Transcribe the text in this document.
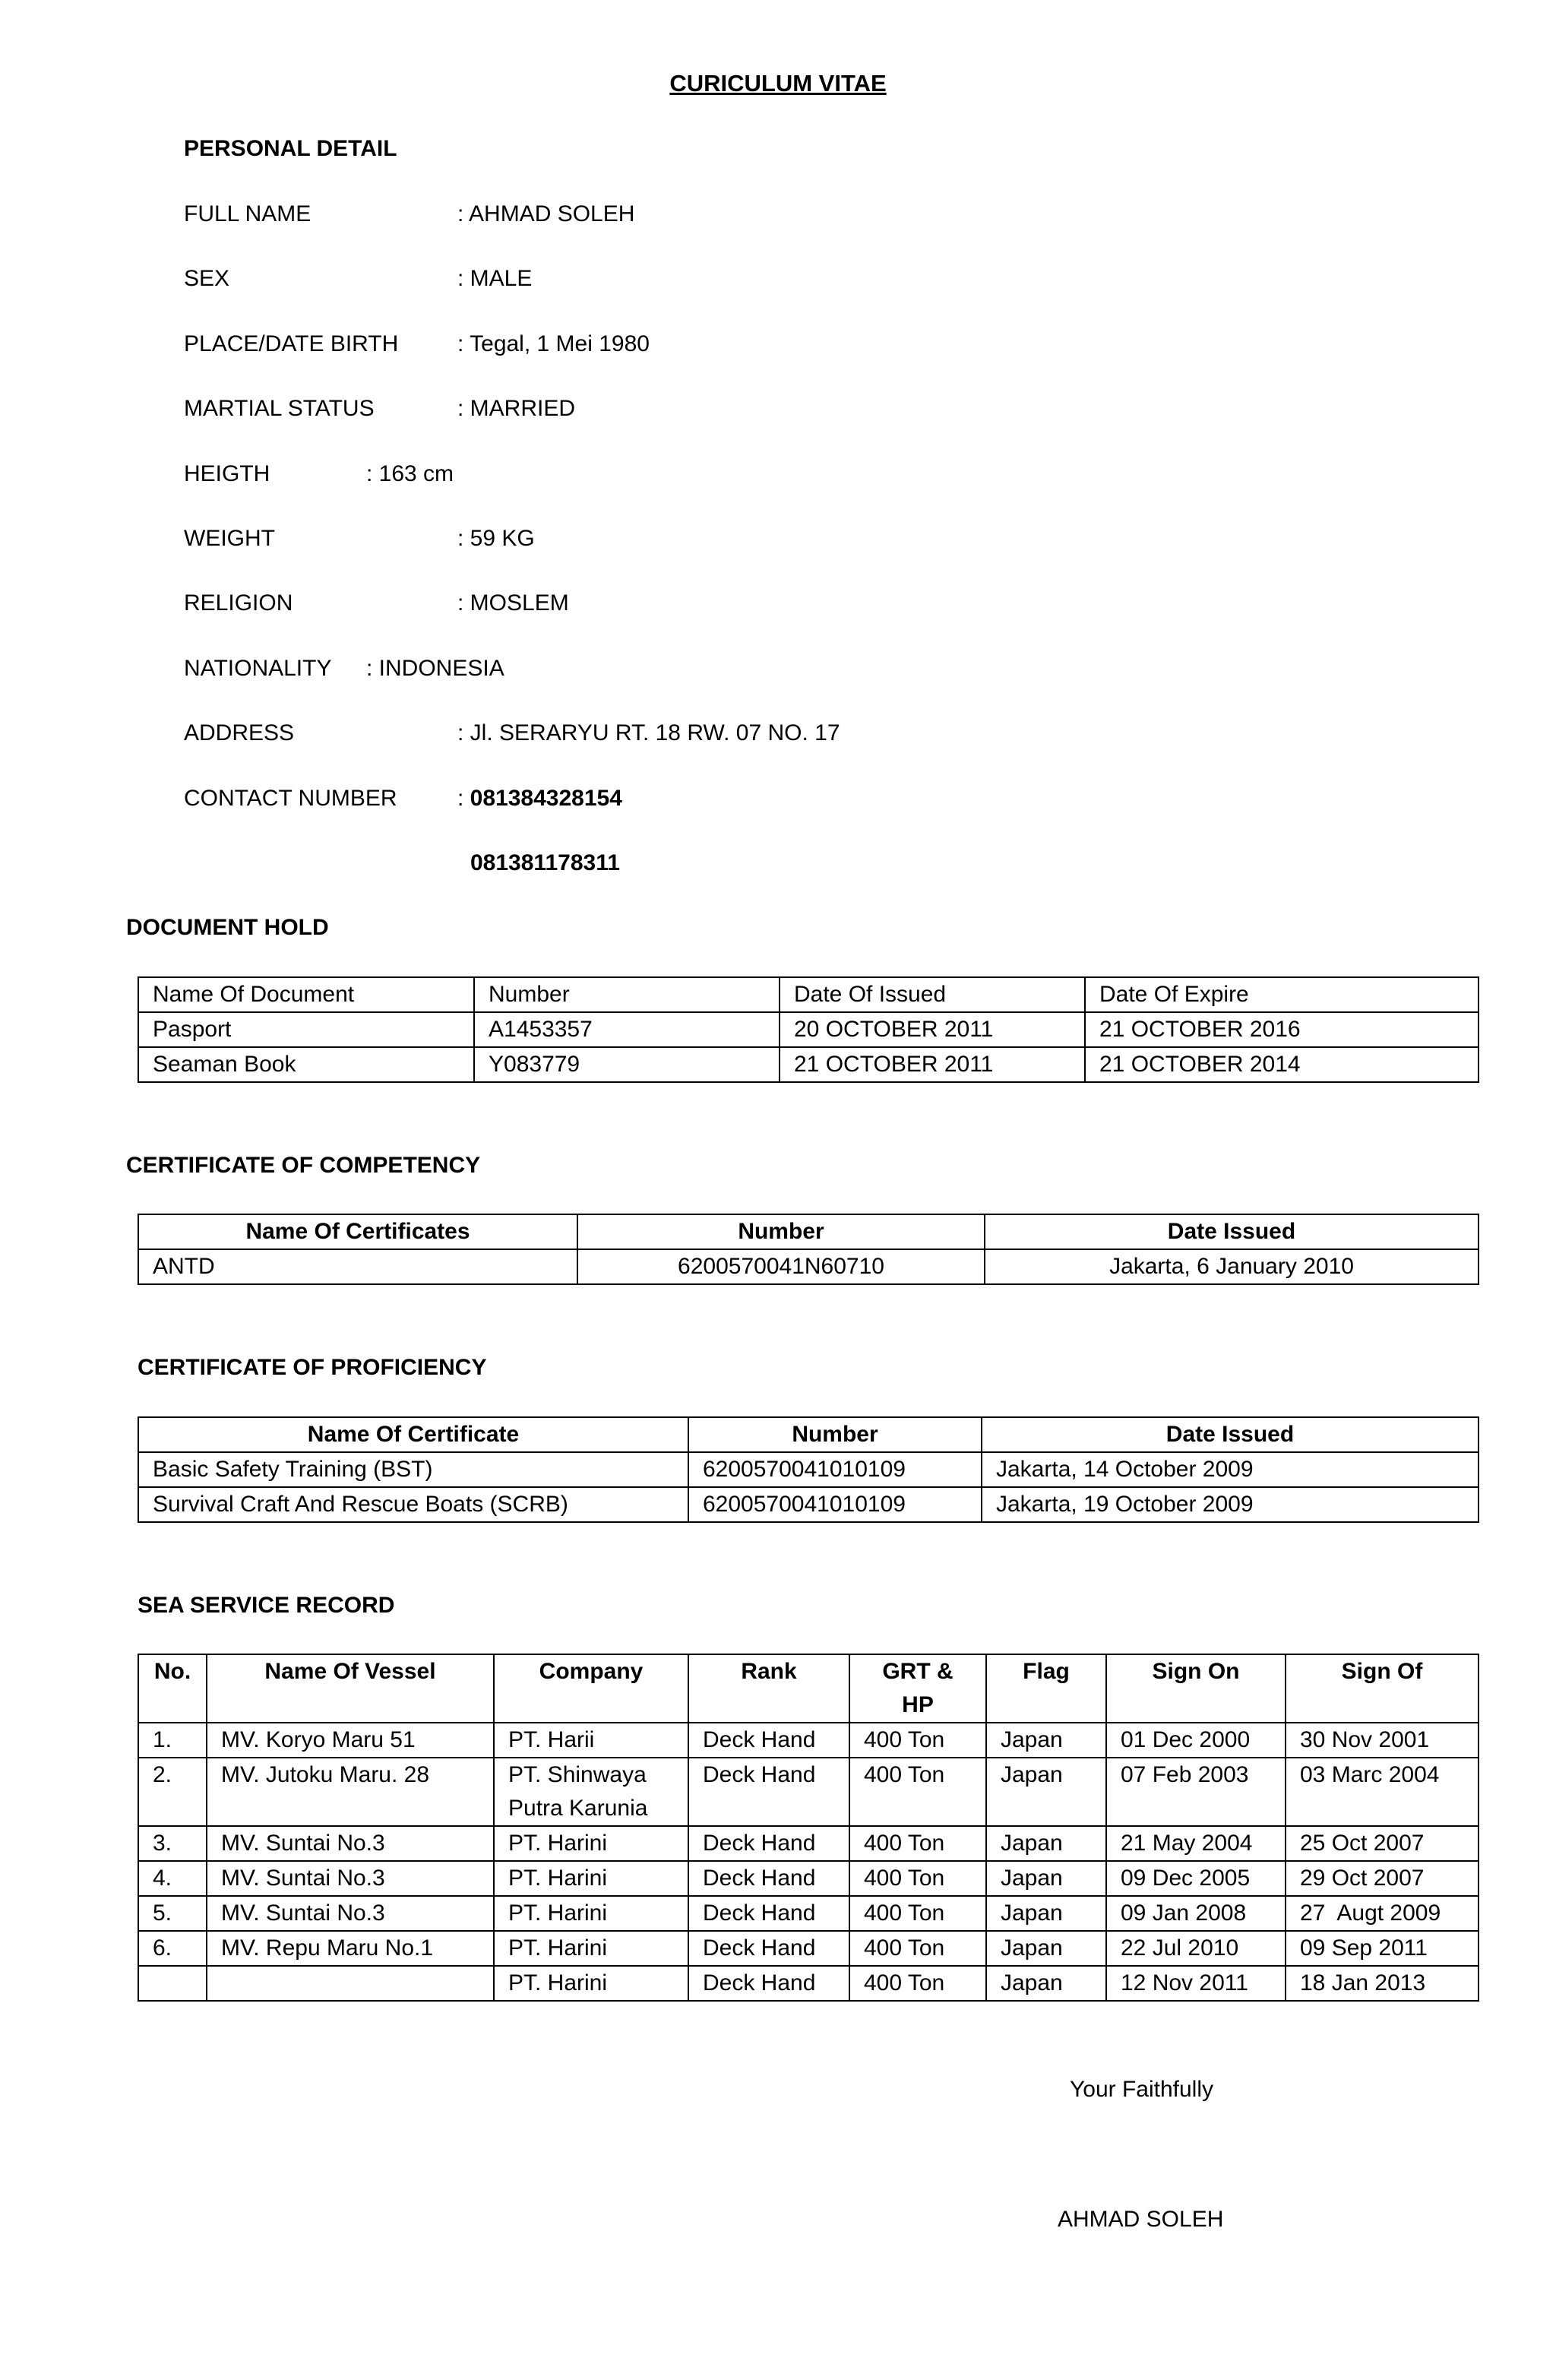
CURICULUM VITAE
PERSONAL DETAIL
FULL NAME	: AHMAD SOLEH
SEX	: MALE
PLACE/DATE BIRTH	: Tegal, 1 Mei 1980
MARTIAL STATUS	: MARRIED
HEIGTH	: 163 cm
WEIGHT	: 59 KG
RELIGION	: MOSLEM
NATIONALITY : INDONESIA
ADDRESS	: Jl. SERARYU RT. 18 RW. 07 NO. 17
CONTACT NUMBER	: 081384328154
081381178311
DOCUMENT HOLD
Name Of Document	Number	Date Of Issued	Date Of Expire
Pasport	A1453357	20 OCTOBER 2011	21 OCTOBER 2016
Seaman Book	Y083779	21 OCTOBER 2011	21 OCTOBER 2014
CERTIFICATE OF COMPETENCY
Name Of Certificates	Number	Date Issued
ANTD	6200570041N60710	Jakarta, 6 January 2010
CERTIFICATE OF PROFICIENCY
Name Of Certificate	Number	Date Issued
Basic Safety Training (BST)	6200570041010109	Jakarta, 14 October 2009
Survival Craft And Rescue Boats (SCRB)	6200570041010109	Jakarta, 19 October 2009
SEA SERVICE RECORD
No.	Name Of Vessel	Company	Rank	GRT & HP	Flag	Sign On	Sign Of
1.	MV. Koryo Maru 51	PT. Harii	Deck Hand	400 Ton	Japan	01 Dec 2000	30 Nov 2001
2.	MV. Jutoku Maru. 28	PT. Shinwaya Putra Karunia	Deck Hand	400 Ton	Japan	07 Feb 2003	03 Marc 2004
3.	MV. Suntai No.3	PT. Harini	Deck Hand	400 Ton	Japan	21 May 2004	25 Oct 2007
4.	MV. Suntai No.3	PT. Harini	Deck Hand	400 Ton	Japan	09 Dec 2005	29 Oct 2007
5.	MV. Suntai No.3	PT. Harini	Deck Hand	400 Ton	Japan	09 Jan 2008	27  Augt 2009
6.	MV. Repu Maru No.1	PT. Harini	Deck Hand	400 Ton	Japan	22 Jul 2010	09 Sep 2011
		PT. Harini	Deck Hand	400 Ton	Japan	12 Nov 2011	18 Jan 2013
Your Faithfully
AHMAD SOLEH
